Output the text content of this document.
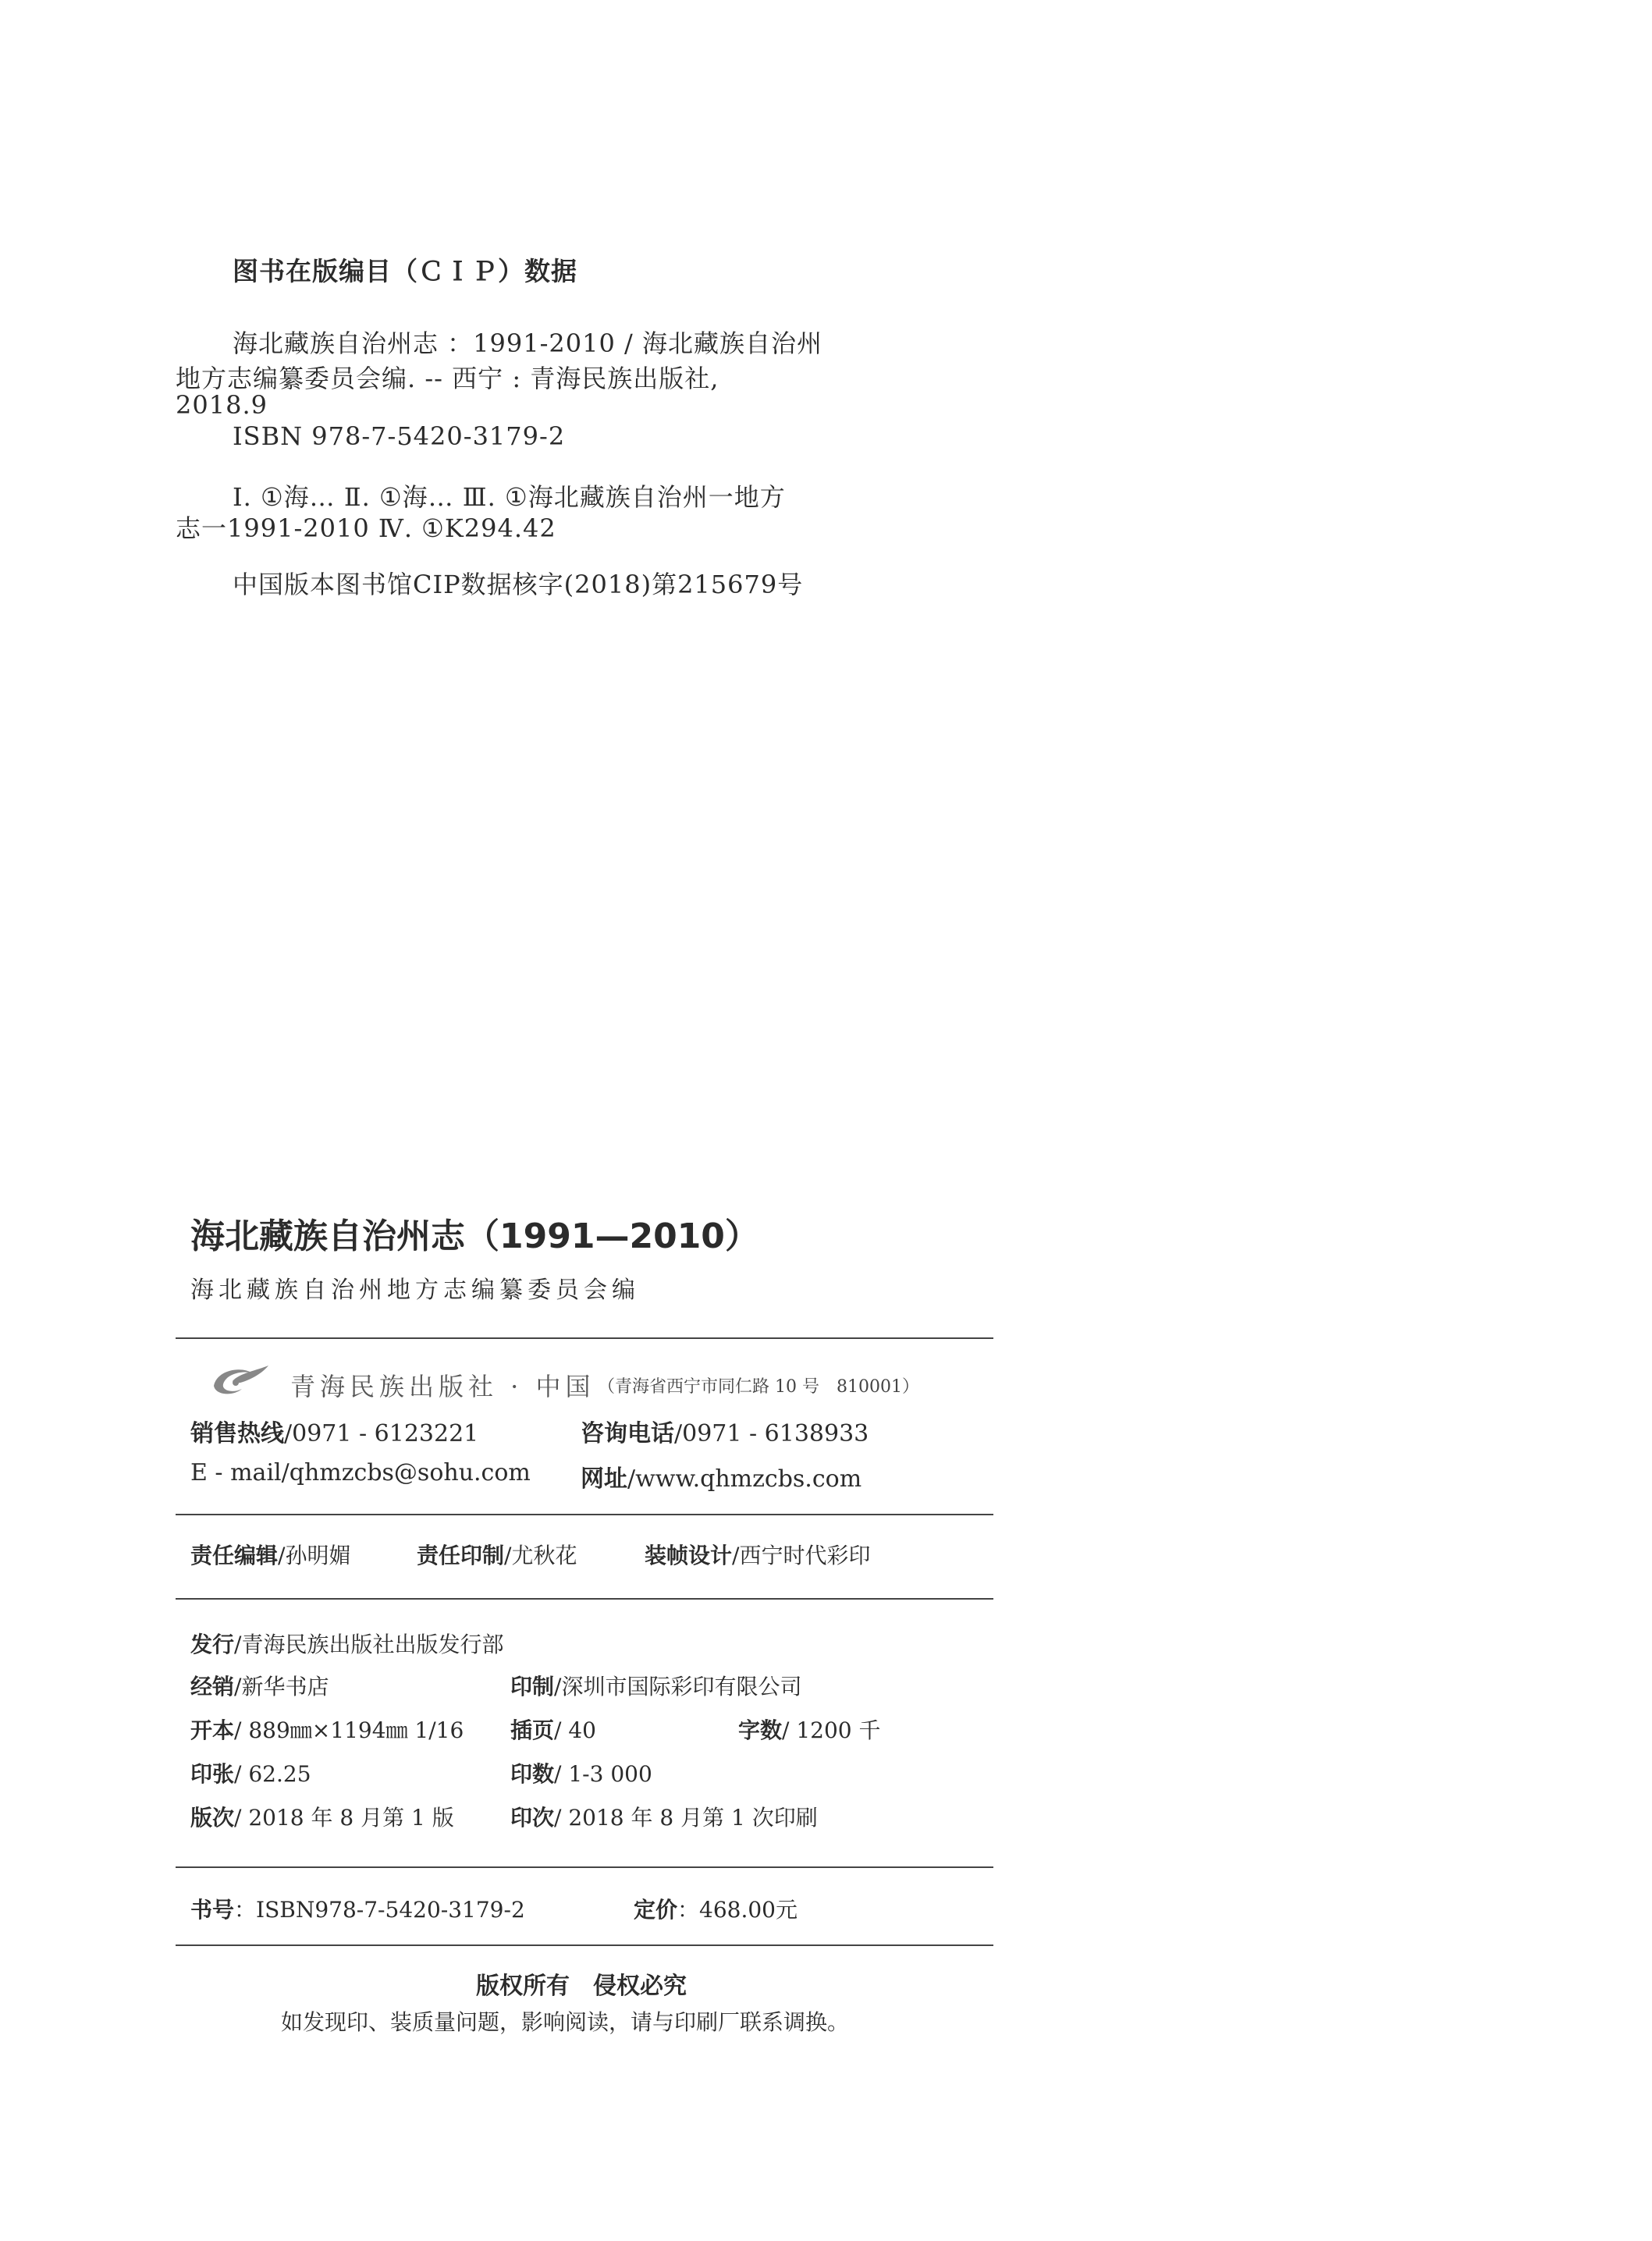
图书在版编目（ＣＩＰ）数据
海北藏族自治州志 ：1991-2010 / 海北藏族自治州
地方志编纂委员会编. -- 西宁 : 青海民族出版社,
2018.9
ISBN 978-7-5420-3179-2
Ⅰ. ①海… Ⅱ. ①海… Ⅲ. ①海北藏族自治州一地方
志一1991-2010 Ⅳ. ①K294.42
中国版本图书馆CIP数据核字(2018)第215679号
海北藏族自治州志（1991—2010）
海北藏族自治州地方志编纂委员会编
青海民族出版社 · 中国 （青海省西宁市同仁路 10 号　810001）
销售热线/0971 - 6123221	咨询电话/0971 - 6138933
E - mail/qhmzcbs@sohu.com 网址/www.qhmzcbs.com
责任编辑/孙明媚	责任印制/尤秋花	装帧设计/西宁时代彩印
发行/青海民族出版社出版发行部
经销/新华书店	印制/深圳市国际彩印有限公司
开本/ 889㎜×1194㎜ 1/16 插页/ 40	字数/ 1200 千
印张/ 62.25	印数/ 1-3 000
版次/ 2018 年 8 月第 1 版	印次/ 2018 年 8 月第 1 次印刷
书号：ISBN978-7-5420-3179-2	定价：468.00元
版权所有　侵权必究
如发现印、装质量问题，影响阅读，请与印刷厂联系调换。
